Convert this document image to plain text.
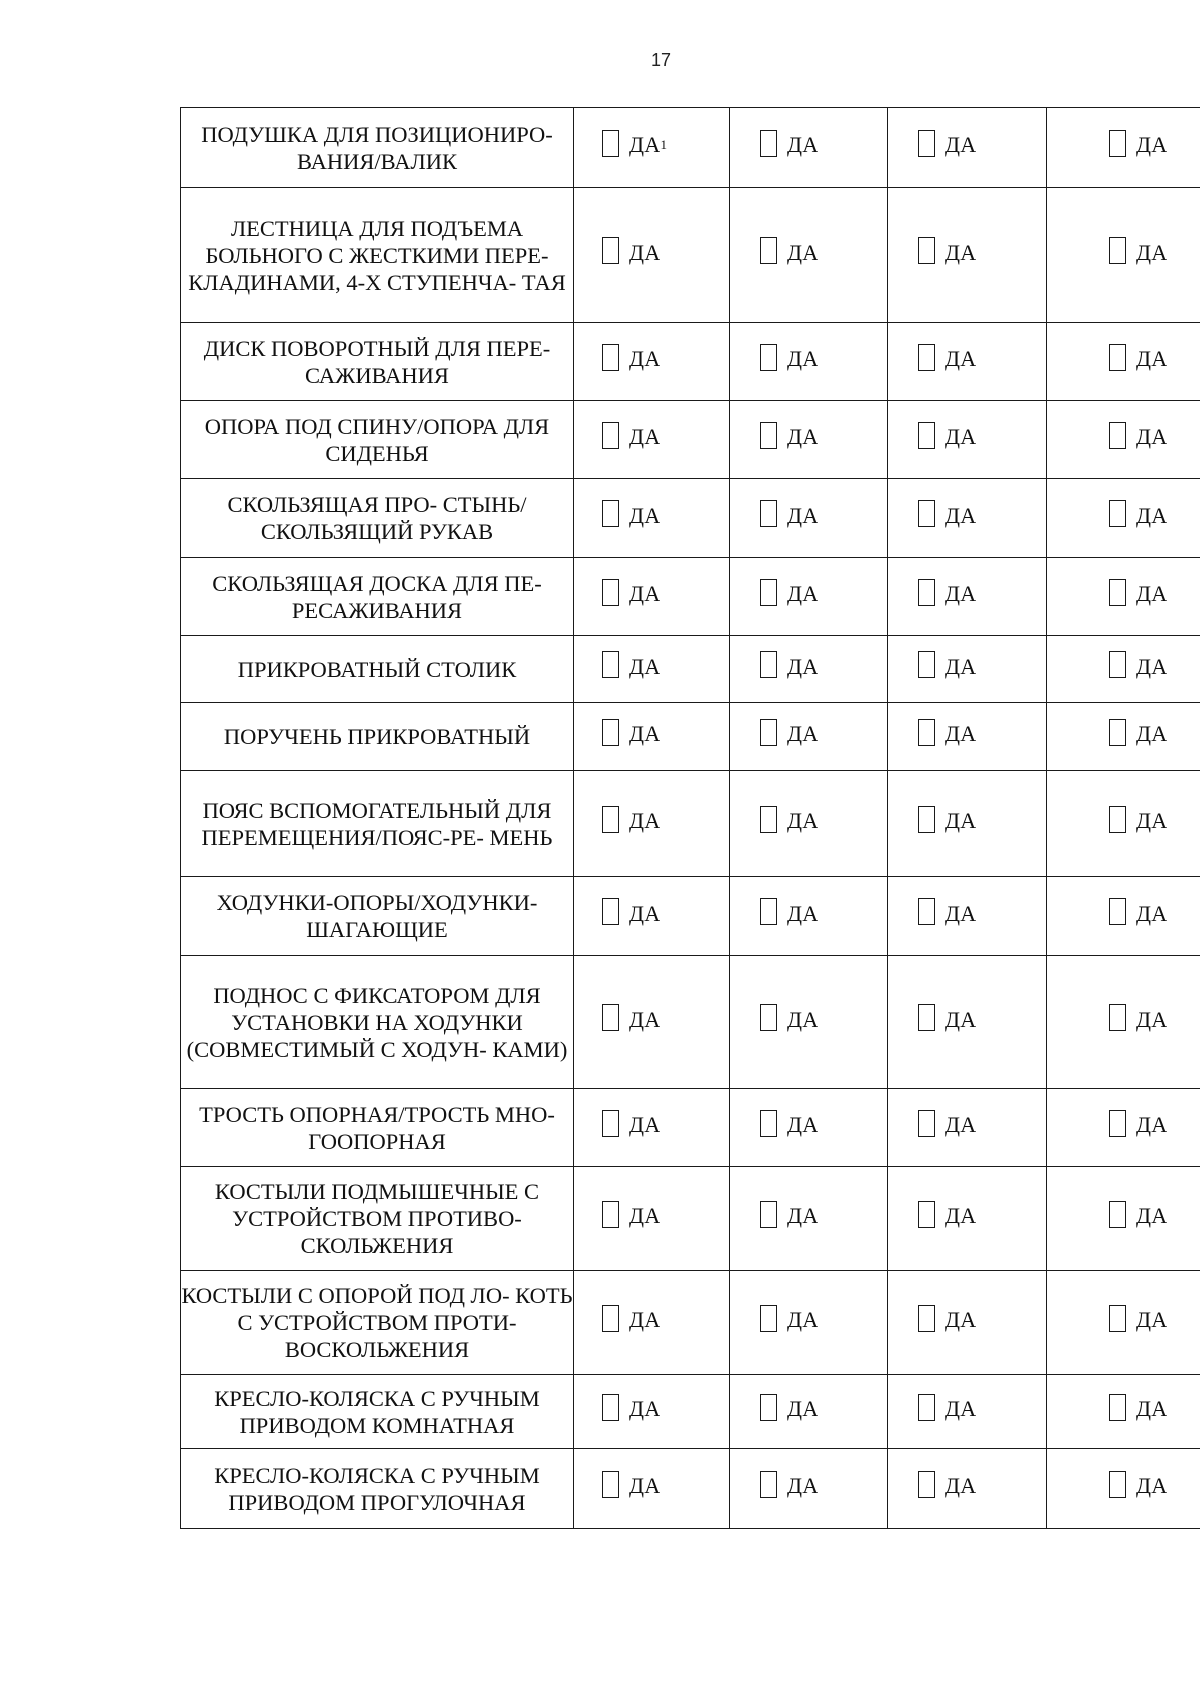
17
ПОДУШКА ДЛЯ ПОЗИЦИОНИРО- ВАНИЯ/ВАЛИК	ДА 1	ДА	ДА	ДА

ЛЕСТНИЦА ДЛЯ ПОДЪЕМА БОЛЬНОГО С ЖЕСТКИМИ ПЕРЕ- КЛАДИНАМИ, 4-Х СТУПЕНЧА- ТАЯ	ДА	ДА	ДА	ДА

ДИСК ПОВОРОТНЫЙ ДЛЯ ПЕРЕ- САЖИВАНИЯ	ДА	ДА	ДА	ДА

ОПОРА ПОД СПИНУ/ОПОРА ДЛЯ СИДЕНЬЯ	ДА	ДА	ДА	ДА

СКОЛЬЗЯЩАЯ ПРО- СТЫНЬ/СКОЛЬЗЯЩИЙ РУКАВ	ДА	ДА	ДА	ДА

СКОЛЬЗЯЩАЯ ДОСКА ДЛЯ ПЕ- РЕСАЖИВАНИЯ	ДА	ДА	ДА	ДА

ПРИКРОВАТНЫЙ СТОЛИК	ДА	ДА	ДА	ДА

ПОРУЧЕНЬ ПРИКРОВАТНЫЙ	ДА	ДА	ДА	ДА

ПОЯС ВСПОМОГАТЕЛЬНЫЙ ДЛЯ ПЕРЕМЕЩЕНИЯ/ПОЯС-РЕ- МЕНЬ	ДА	ДА	ДА	ДА

ХОДУНКИ-ОПОРЫ/ХОДУНКИ- ШАГАЮЩИЕ	ДА	ДА	ДА	ДА

ПОДНОС С ФИКСАТОРОМ ДЛЯ УСТАНОВКИ НА ХОДУНКИ (СОВМЕСТИМЫЙ С ХОДУН- КАМИ)	ДА	ДА	ДА	ДА

ТРОСТЬ ОПОРНАЯ/ТРОСТЬ МНО- ГООПОРНАЯ	ДА	ДА	ДА	ДА

КОСТЫЛИ ПОДМЫШЕЧНЫЕ С УСТРОЙСТВОМ ПРОТИВО- СКОЛЬЖЕНИЯ	ДА	ДА	ДА	ДА

КОСТЫЛИ С ОПОРОЙ ПОД ЛО- КОТЬ С УСТРОЙСТВОМ ПРОТИ- ВОСКОЛЬЖЕНИЯ	ДА	ДА	ДА	ДА

КРЕСЛО-КОЛЯСКА С РУЧНЫМ ПРИВОДОМ КОМНАТНАЯ	ДА	ДА	ДА	ДА

КРЕСЛО-КОЛЯСКА С РУЧНЫМ ПРИВОДОМ ПРОГУЛОЧНАЯ	ДА	ДА	ДА	ДА
